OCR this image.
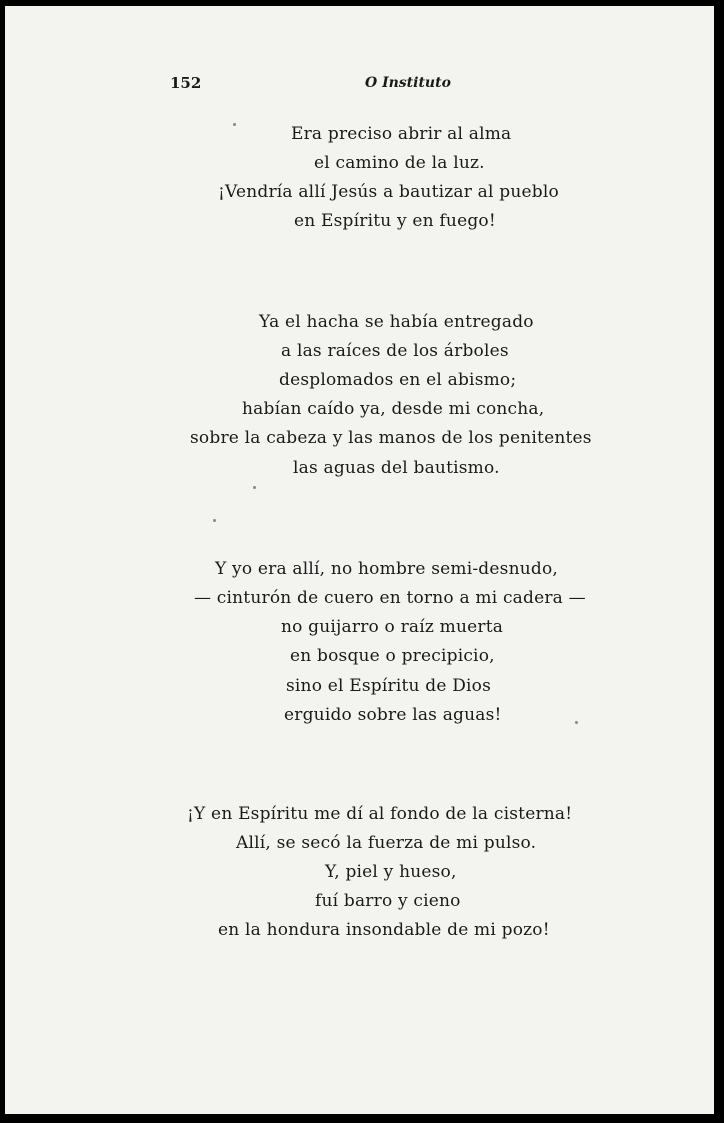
152	O Instituto
Era preciso abrir al alma
el camino de la luz.
¡Vendría allí Jesús a bautizar al pueblo
en Espíritu y en fuego!
Ya el hacha se había entregado
a las raíces de los árboles
desplomados en el abismo;
habían caído ya, desde mi concha,
sobre la cabeza y las manos de los penitentes
las aguas del bautismo.
Y yo era allí, no hombre semi-desnudo,
— cinturón de cuero en torno a mi cadera —
no guijarro o raíz muerta
en bosque o precipicio,
sino el Espíritu de Dios
erguido sobre las aguas!
¡Y en Espíritu me dí al fondo de la cisterna!
Allí, se secó la fuerza de mi pulso.
Y, piel y hueso,
fuí barro y cieno
en la hondura insondable de mi pozo!
